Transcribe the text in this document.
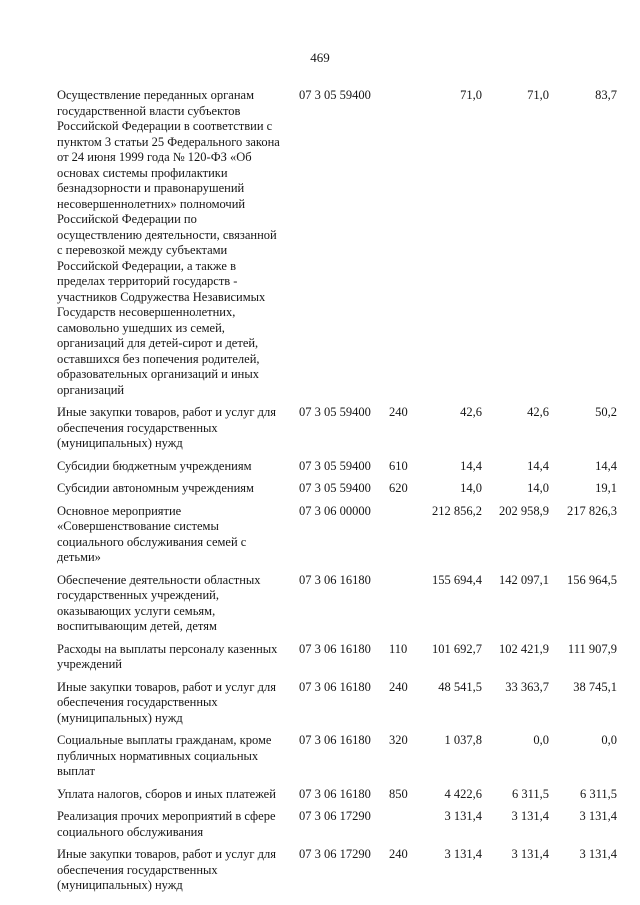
469
Осуществление переданных органам
государственной власти субъектов
Российской Федерации в соответствии с
пунктом 3 статьи 25 Федерального закона
от 24 июня 1999 года № 120-ФЗ «Об
основах системы профилактики
безнадзорности и правонарушений
несовершеннолетних» полномочий
Российской Федерации по
осуществлению деятельности, связанной
с перевозкой между субъектами
Российской Федерации, а также в
пределах территорий государств -
участников Содружества Независимых
Государств несовершеннолетних,
самовольно ушедших из семей,
организаций для детей-сирот и детей,
оставшихся без попечения родителей,
образовательных организаций и иных
организаций
07 3 05 59400	71,0	71,0	83,7
Иные закупки товаров, работ и услуг для
обеспечения государственных
(муниципальных) нужд
07 3 05 59400	240	42,6	42,6	50,2
Субсидии бюджетным учреждениям	07 3 05 59400	610	14,4	14,4	14,4
Субсидии автономным учреждениям	07 3 05 59400	620	14,0	14,0	19,1
Основное мероприятие
«Совершенствование системы
социального обслуживания семей с
детьми»
07 3 06 00000	212 856,2	202 958,9	217 826,3
Обеспечение деятельности областных
государственных учреждений,
оказывающих услуги семьям,
воспитывающим детей, детям
07 3 06 16180	155 694,4	142 097,1	156 964,5
Расходы на выплаты персоналу казенных
учреждений
07 3 06 16180	110	101 692,7	102 421,9	111 907,9
Иные закупки товаров, работ и услуг для
обеспечения государственных
(муниципальных) нужд
07 3 06 16180	240	48 541,5	33 363,7	38 745,1
Социальные выплаты гражданам, кроме
публичных нормативных социальных
выплат
07 3 06 16180	320	1 037,8	0,0	0,0
Уплата налогов, сборов и иных платежей	07 3 06 16180	850	4 422,6	6 311,5	6 311,5
Реализация прочих мероприятий в сфере
социального обслуживания
07 3 06 17290	3 131,4	3 131,4	3 131,4
Иные закупки товаров, работ и услуг для
обеспечения государственных
(муниципальных) нужд
07 3 06 17290	240	3 131,4	3 131,4	3 131,4
